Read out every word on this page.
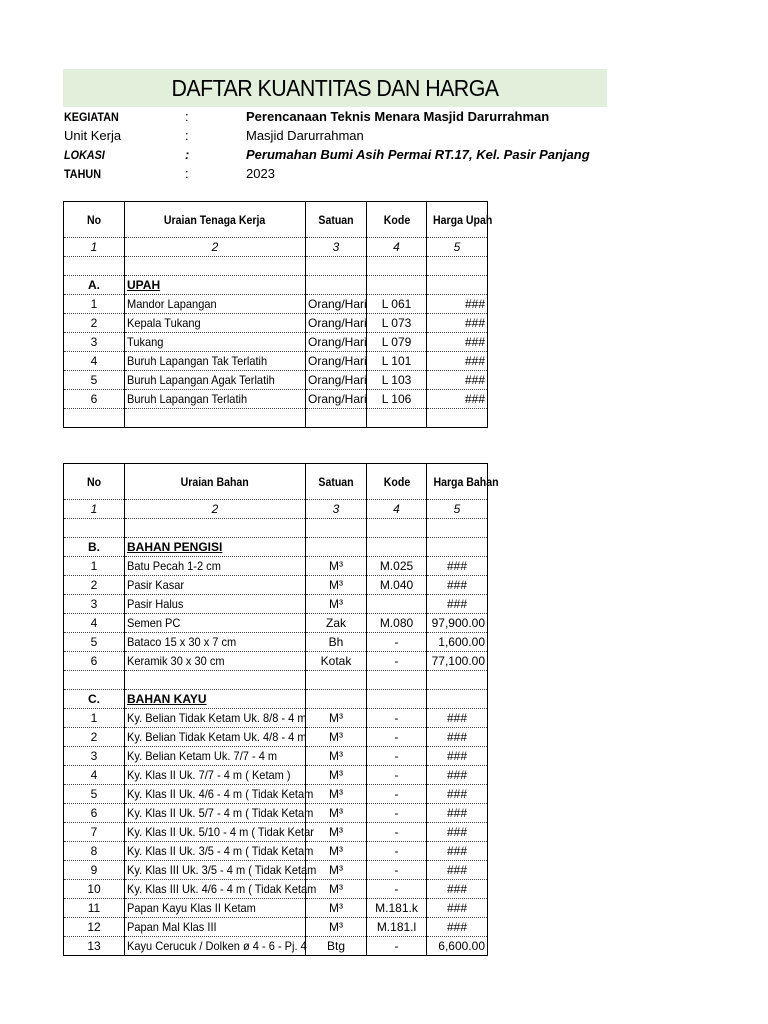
DAFTAR KUANTITAS DAN HARGA
KEGIATAN	:	Perencanaan Teknis Menara Masjid Darurrahman
Unit Kerja	:	Masjid Darurrahman
LOKASI	:	Perumahan Bumi Asih Permai RT.17, Kel. Pasir Panjang
TAHUN	:	2023
No	Uraian Tenaga Kerja	Satuan	Kode	Harga Upah
1	2	3	4	5

A.	UPAH			
1	Mandor Lapangan	Orang/Hari	L 061	###
2	Kepala Tukang	Orang/Hari	L 073	###
3	Tukang	Orang/Hari	L 079	###
4	Buruh Lapangan Tak Terlatih	Orang/Hari	L 101	###
5	Buruh Lapangan Agak Terlatih	Orang/Hari	L 103	###
6	Buruh Lapangan Terlatih	Orang/Hari	L 106	###

No	Uraian Bahan	Satuan	Kode	Harga Bahan
1	2	3	4	5

B.	BAHAN PENGISI			
1	Batu Pecah 1-2 cm	M³	M.025	###
2	Pasir Kasar	M³	M.040	###
3	Pasir Halus	M³		###
4	Semen PC	Zak	M.080	97,900.00
5	Bataco 15 x 30 x 7 cm	Bh	-	1,600.00
6	Keramik 30 x 30 cm	Kotak	-	77,100.00

C.	BAHAN KAYU			
1	Ky. Belian Tidak Ketam Uk. 8/8 - 4 m	M³	-	###
2	Ky. Belian Tidak Ketam Uk. 4/8 - 4 m	M³	-	###
3	Ky. Belian Ketam Uk. 7/7 - 4 m	M³	-	###
4	Ky. Klas II Uk. 7/7 - 4 m ( Ketam )	M³	-	###
5	Ky. Klas II Uk. 4/6 - 4 m ( Tidak Ketam	M³	-	###
6	Ky. Klas II Uk. 5/7 - 4 m ( Tidak Ketam	M³	-	###
7	Ky. Klas II Uk. 5/10 - 4 m ( Tidak Ketar	M³	-	###
8	Ky. Klas II Uk. 3/5 - 4 m ( Tidak Ketam	M³	-	###
9	Ky. Klas III Uk. 3/5 - 4 m ( Tidak Ketam	M³	-	###
10	Ky. Klas III Uk. 4/6 - 4 m ( Tidak Ketam	M³	-	###
11	Papan Kayu Klas II Ketam	M³	M.181.k	###
12	Papan Mal Klas III	M³	M.181.l	###
13	Kayu Cerucuk / Dolken ø 4 - 6 - Pj. 4	Btg	-	6,600.00
